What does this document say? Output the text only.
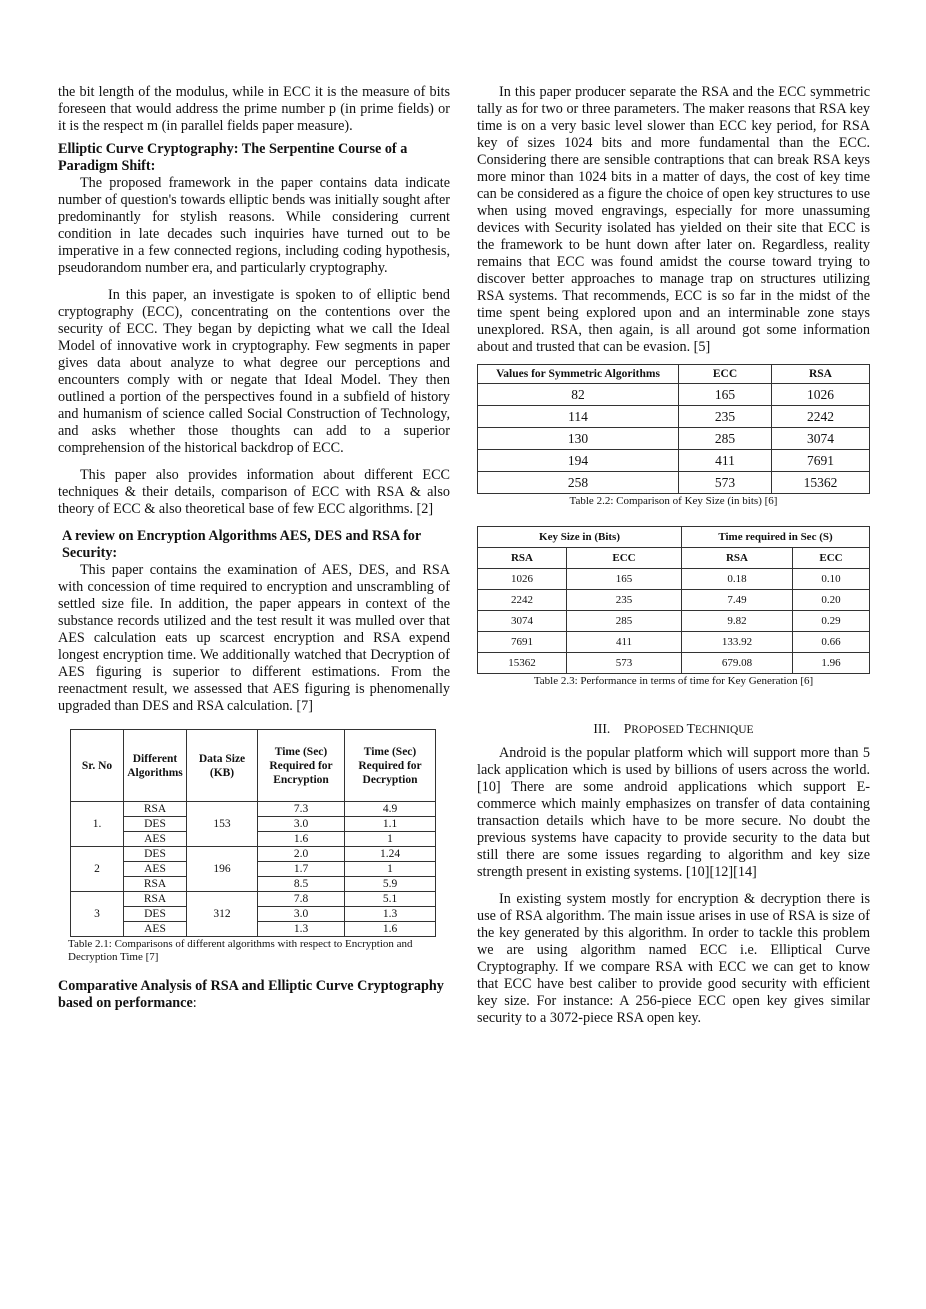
the bit length of the modulus, while in ECC it is the measure of bits foreseen that would address the prime number p (in prime fields) or it is the respect m (in parallel fields paper measure).

Elliptic Curve Cryptography: The Serpentine Course of a Paradigm Shift:

The proposed framework in the paper contains data indicate number of question's towards elliptic bends was initially sought after predominantly for stylish reasons. While considering current condition in late decades such inquiries have turned out to be imperative in a few connected regions, including coding hypothesis, pseudorandom number era, and particularly cryptography.

In this paper, an investigate is spoken to of elliptic bend cryptography (ECC), concentrating on the contentions over the security of ECC. They began by depicting what we call the Ideal Model of innovative work in cryptography. Few segments in paper gives data about analyze to what degree our perceptions and encounters comply with or negate that Ideal Model. They then outlined a portion of the perspectives found in a subfield of history and humanism of science called Social Construction of Technology, and asks whether those thoughts can add to a superior comprehension of the historical backdrop of ECC.

This paper also provides information about different ECC techniques & their details, comparison of ECC with RSA & also theory of ECC & also theoretical base of few ECC algorithms. [2]

A review on Encryption Algorithms AES, DES and RSA for Security:

This paper contains the examination of AES, DES, and RSA with concession of time required to encryption and unscrambling of settled size file. In addition, the paper appears in context of the substance records utilized and the test result it was mulled over that AES calculation eats up scarcest encryption and RSA expend longest encryption time. We additionally watched that Decryption of AES figuring is superior to different estimations. From the reenactment result, we assessed that AES figuring is phenomenally upgraded than DES and RSA calculation. [7]

Sr. No	Different Algorithms	Data Size (KB)	Time (Sec) Required for Encryption	Time (Sec) Required for Decryption
1.	RSA	153	7.3	4.9
	DES		3.0	1.1
	AES		1.6	1
2	DES	196	2.0	1.24
	AES		1.7	1
	RSA		8.5	5.9
3	RSA	312	7.8	5.1
	DES		3.0	1.3
	AES		1.3	1.6

Table 2.1: Comparisons of different algorithms with respect to Encryption and Decryption Time [7]

Comparative Analysis of RSA and Elliptic Curve Cryptography based on performance:

In this paper producer separate the RSA and the ECC symmetric tally as for two or three parameters. The maker reasons that RSA key time is on a very basic level slower than ECC key period, for RSA key of sizes 1024 bits and more fundamental than the ECC. Considering there are sensible contraptions that can break RSA keys more minor than 1024 bits in a matter of days, the cost of key time can be considered as a figure the choice of open key structures to use when using moved engravings, especially for more unassuming devices with Security isolated has yielded on their site that ECC is the framework to be hunt down after later on. Regardless, reality remains that ECC was found amidst the course toward trying to discover better approaches to manage trap on structures utilizing RSA systems. That recommends, ECC is so far in the midst of the time spent being explored upon and an interminable zone stays unexplored. RSA, then again, is all around got some information about and trusted that can be evasion. [5]

Values for Symmetric Algorithms	ECC	RSA
82	165	1026
114	235	2242
130	285	3074
194	411	7691
258	573	15362

Table 2.2: Comparison of Key Size (in bits) [6]

Key Size in (Bits)		Time required in Sec (S)	
RSA	ECC	RSA	ECC
1026	165	0.18	0.10
2242	235	7.49	0.20
3074	285	9.82	0.29
7691	411	133.92	0.66
15362	573	679.08	1.96

Table 2.3: Performance in terms of time for Key Generation [6]

III. PROPOSED TECHNIQUE

Android is the popular platform which will support more than 5 lack application which is used by billions of users across the world.[10] There are some android applications which support E-commerce which mainly emphasizes on transfer of data containing transaction details which have to be more secure. No doubt the previous systems have capacity to provide security to the data but still there are some issues regarding to algorithm and key size strength present in existing systems. [10][12][14]

In existing system mostly for encryption & decryption there is use of RSA algorithm. The main issue arises in use of RSA is size of the key generated by this algorithm. In order to tackle this problem we are using algorithm named ECC i.e. Elliptical Curve Cryptography. If we compare RSA with ECC we can get to know that ECC have best caliber to provide good security with efficient key size. For instance: A 256-piece ECC open key gives similar security to a 3072-piece RSA open key.
